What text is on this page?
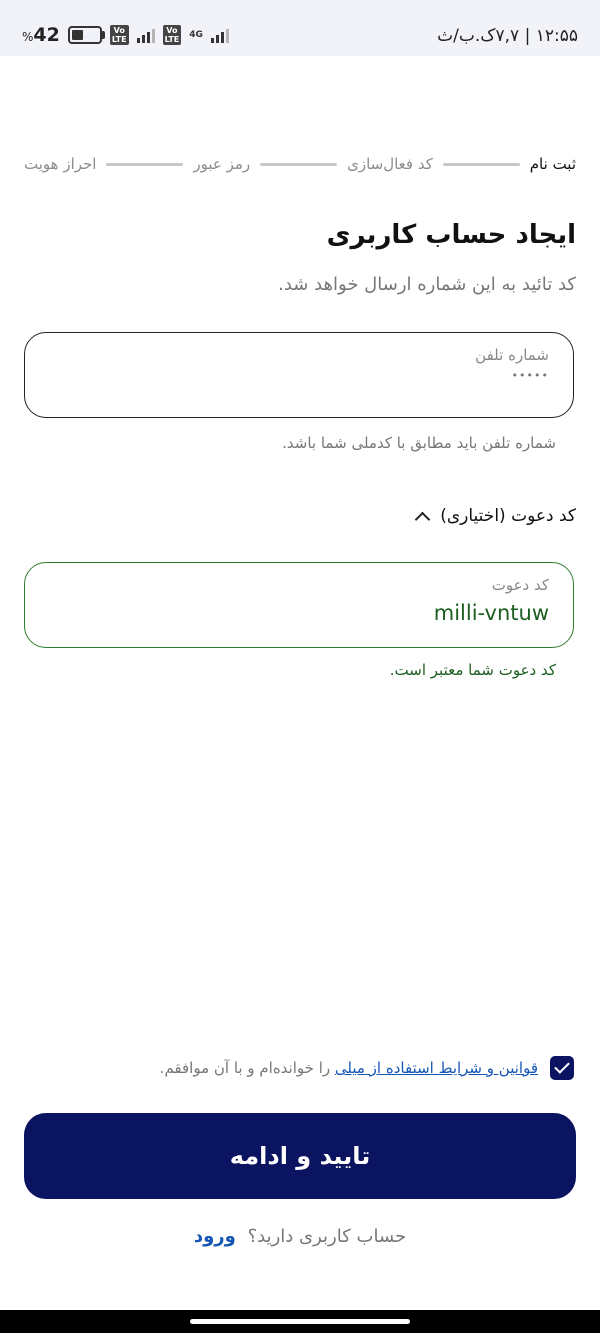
۱۲:۵۵ | ۷,۷ک.ب/ث
%42	Vo
LTE
Vo
LTE 4G
ثبت نام
کد فعال‌سازی
رمز عبور
احراز هویت
ایجاد حساب کاربری
کد تائید به این شماره ارسال خواهد شد.
شماره تلفن
•••••
شماره تلفن باید مطابق با کدملی شما باشد.
کد دعوت (اختیاری)
کد دعوت
milli-vntuw
کد دعوت شما معتبر است.
قوانین و شرایط استفاده از میلی را خوانده‌ام و با آن موافقم.
تایید و ادامه
حساب کاربری دارید؟ ورود
